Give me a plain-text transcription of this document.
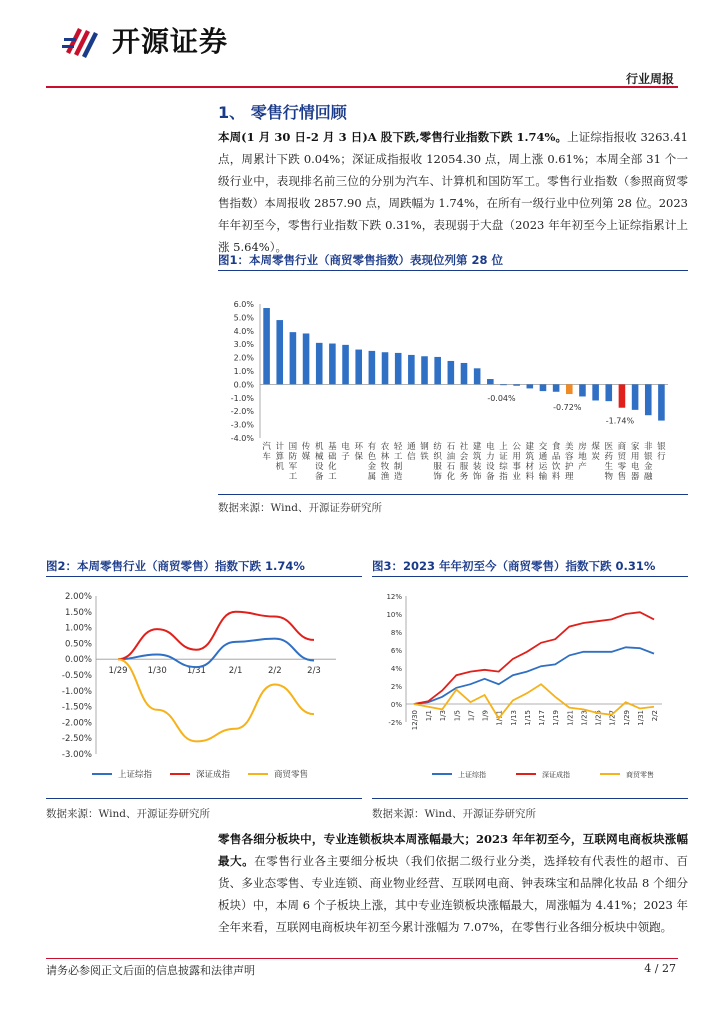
开源证券
行业周报
1、 零售行情回顾
本周(1 月 30 日-2 月 3 日)A 股下跌,零售行业指数下跌 1.74%。上证综指报收 3263.41 点，周累计下跌 0.04%；深证成指报收 12054.30 点，周上涨 0.61%；本周全部 31 个一级行业中，表现排名前三位的分别为汽车、计算机和国防军工。零售行业指数（参照商贸零售指数）本周报收 2857.90 点，周跌幅为 1.74%，在所有一级行业中位列第 28 位。2023 年年初至今，零售行业指数下跌 0.31%，表现弱于大盘（2023 年年初至今上证综指累计上涨 5.64%）。
图1：本周零售行业（商贸零售指数）表现位列第 28 位
6.0%
5.0%
4.0%
3.0%
2.0%
1.0%
0.0%
-1.0%
-2.0%
-3.0%
-4.0%
汽
车
计
算
机
国
防
军
工
传
媒
机
械
设
备
基
础
化
工
电
子
环
保
有
色
金
属
农
林
牧
渔
轻
工
制
造
通
信
钢
铁
纺
织
服
饰
石
油
石
化
社
会
服
务
建
筑
装
饰
电
力
设
备
上
证
综
指
-0.04%
公
用
事
业
建
筑
材
料
交
通
运
输
食
品
饮
料
美
容
护
理
-0.72%
房
地
产
煤
炭
医
药
生
物
商
贸
零
售
-1.74%
家
用
电
器
非
银
金
融
银
行
数据来源：Wind、开源证券研究所
图2：本周零售行业（商贸零售）指数下跌 1.74%
2.00%
1.50%
1.00%
0.50%
0.00%
-0.50%
-1.00%
-1.50%
-2.00%
-2.50%
-3.00%
1/29 1/30 1/31	2/1	2/2	2/3
上证综指	深证成指	商贸零售
数据来源：Wind、开源证券研究所
图3：2023 年年初至今（商贸零售）指数下跌 0.31%
12%
10%
8%
6%
4%
2%
0%
-2% 12/30 1/1 1/3 1/5 1/7 1/9 1/11 1/13 1/15 1/17 1/19 1/21 1/23 1/25 1/27 1/29 1/31 2/2
上证综指	深证成指	商贸零售
数据来源：Wind、开源证券研究所
零售各细分板块中，专业连锁板块本周涨幅最大；2023 年年初至今，互联网电商板块涨幅最大。在零售行业各主要细分板块（我们依据二级行业分类，选择较有代表性的超市、百货、多业态零售、专业连锁、商业物业经营、互联网电商、钟表珠宝和品牌化妆品 8 个细分板块）中，本周 6 个子板块上涨，其中专业连锁板块涨幅最大，周涨幅为 4.41%；2023 年全年来看，互联网电商板块年初至今累计涨幅为 7.07%，在零售行业各细分板块中领跑。
请务必参阅正文后面的信息披露和法律声明	4 / 27
